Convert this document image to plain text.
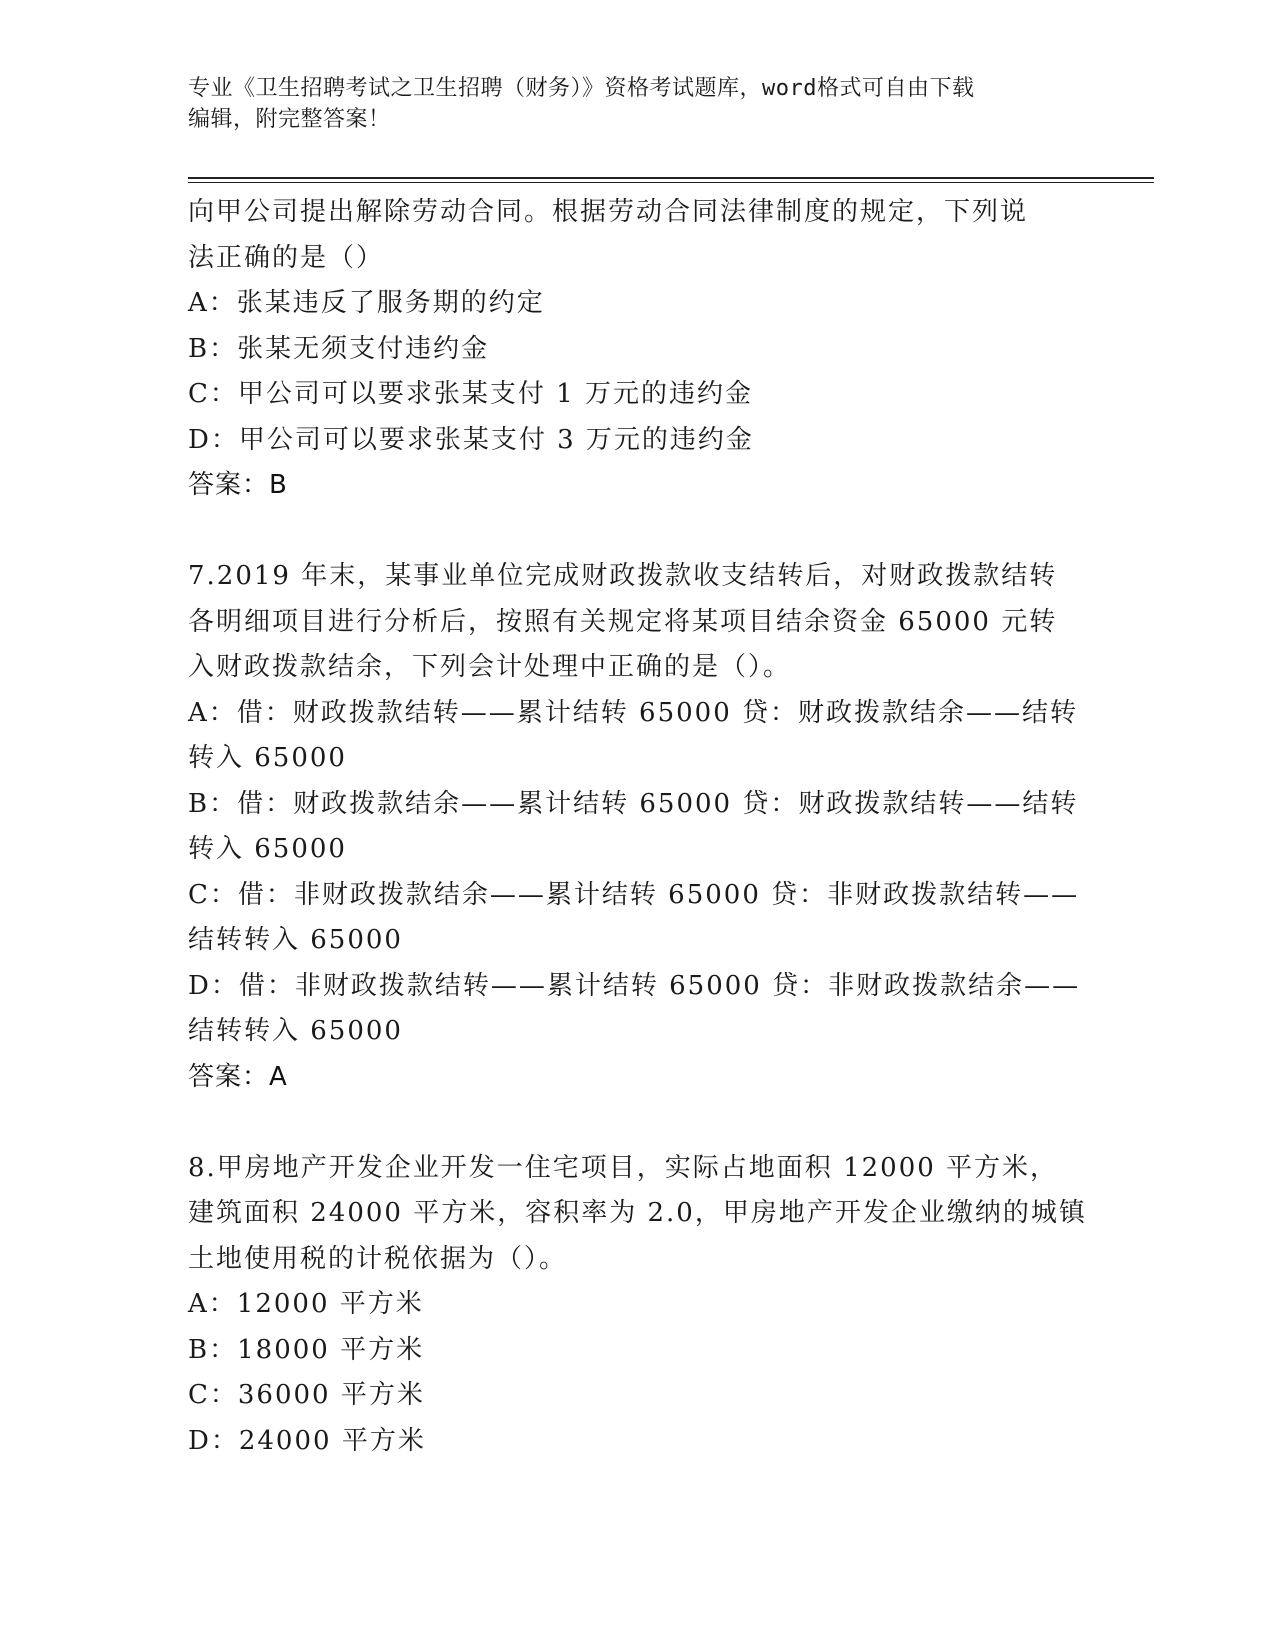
专业《卫生招聘考试之卫生招聘（财务）》资格考试题库，word格式可自由下载
编辑，附完整答案！
向甲公司提出解除劳动合同。根据劳动合同法律制度的规定，下列说
法正确的是（）
A：张某违反了服务期的约定
B：张某无须支付违约金
C：甲公司可以要求张某支付 1 万元的违约金
D：甲公司可以要求张某支付 3 万元的违约金
答案：B
7.2019 年末，某事业单位完成财政拨款收支结转后，对财政拨款结转
各明细项目进行分析后，按照有关规定将某项目结余资金 65000 元转
入财政拨款结余，下列会计处理中正确的是（）。
A：借：财政拨款结转——累计结转 65000 贷：财政拨款结余——结转
转入 65000
B：借：财政拨款结余——累计结转 65000 贷：财政拨款结转——结转
转入 65000
C：借：非财政拨款结余——累计结转 65000 贷：非财政拨款结转——
结转转入 65000
D：借：非财政拨款结转——累计结转 65000 贷：非财政拨款结余——
结转转入 65000
答案：A
8.甲房地产开发企业开发一住宅项目，实际占地面积 12000 平方米，
建筑面积 24000 平方米，容积率为 2.0，甲房地产开发企业缴纳的城镇
土地使用税的计税依据为（）。
A：12000 平方米
B：18000 平方米
C：36000 平方米
D：24000 平方米
